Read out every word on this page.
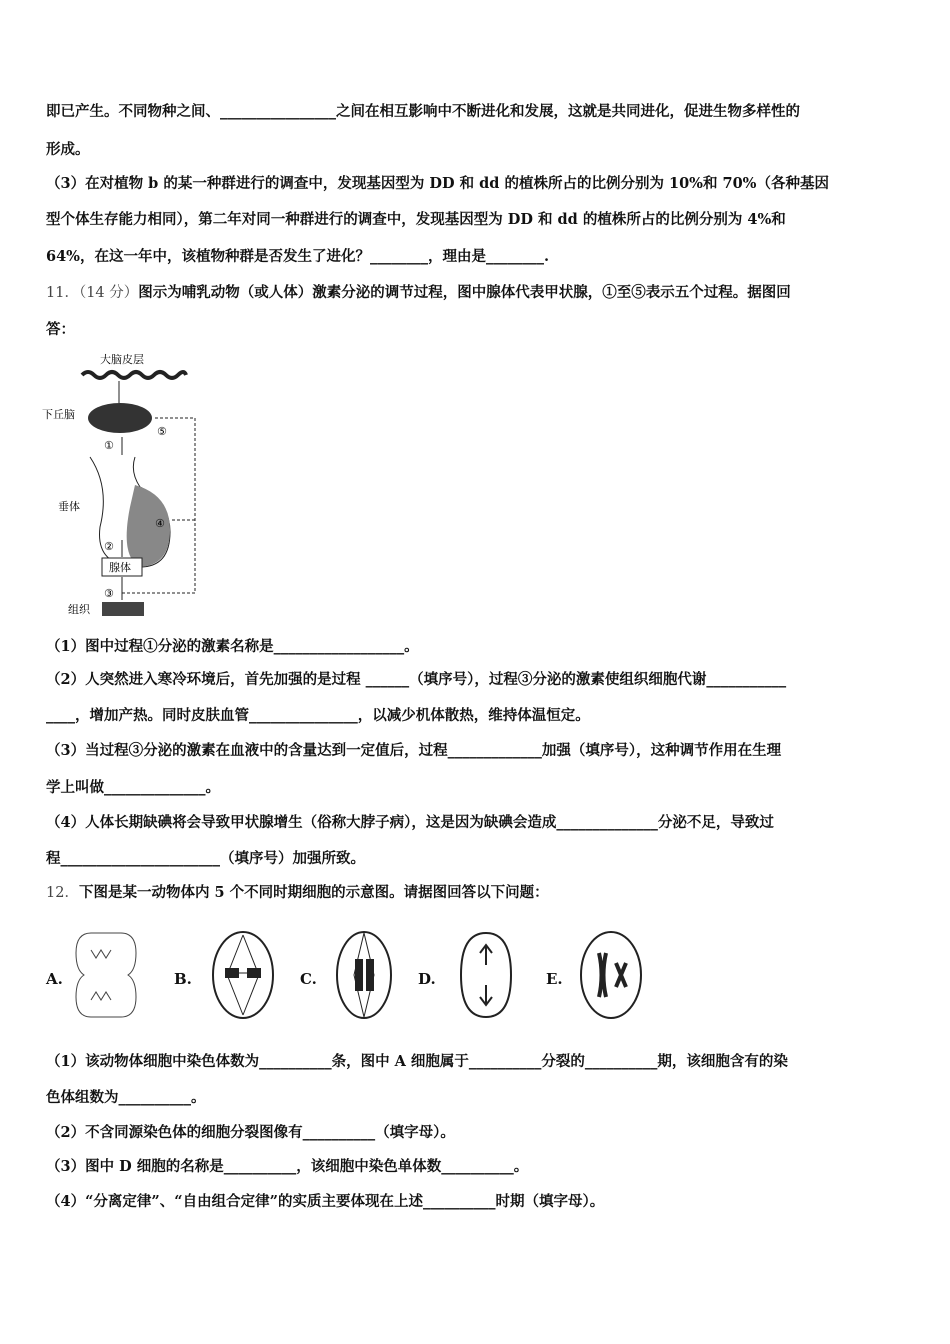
即已产生。不同物种之间、________________之间在相互影响中不断进化和发展，这就是共同进化，促进生物多样性的
形成。
（3）在对植物 b 的某一种群进行的调查中，发现基因型为 DD 和 dd 的植株所占的比例分别为 10%和 70%（各种基因
型个体生存能力相同），第二年对同一种群进行的调查中，发现基因型为 DD 和 dd 的植株所占的比例分别为 4%和
64%，在这一年中，该植物种群是否发生了进化？________，理由是________.
11．（14 分）图示为哺乳动物（或人体）激素分泌的调节过程，图中腺体代表甲状腺，①至⑤表示五个过程。据图回
答：
大脑皮层
下丘脑
①
垂体
②
腺体
③
⑤
④
组织
（1）图中过程①分泌的激素名称是__________________。
（2）人突然进入寒冷环境后，首先加强的是过程 ______（填序号），过程③分泌的激素使组织细胞代谢___________
____，增加产热。同时皮肤血管_______________，以减少机体散热，维持体温恒定。
（3）当过程③分泌的激素在血液中的含量达到一定值后，过程_____________加强（填序号），这种调节作用在生理
学上叫做______________。
（4）人体长期缺碘将会导致甲状腺增生（俗称大脖子病），这是因为缺碘会造成______________分泌不足，导致过
程______________________（填序号）加强所致。
12．下图是某一动物体内 5 个不同时期细胞的示意图。请据图回答以下问题：
A.	B.	C.	D.	E.
（1）该动物体细胞中染色体数为__________条，图中 A 细胞属于__________分裂的__________期，该细胞含有的染
色体组数为__________。
（2）不含同源染色体的细胞分裂图像有__________（填字母）。
（3）图中 D 细胞的名称是__________，该细胞中染色单体数__________。
（4）“分离定律”、“自由组合定律”的实质主要体现在上述__________时期（填字母）。
